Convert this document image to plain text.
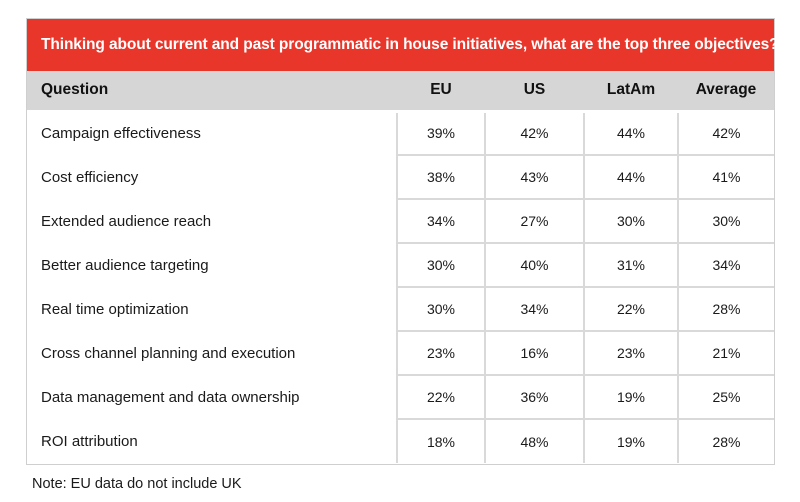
Thinking about current and past programmatic in house initiatives, what are the top three objectives?
Question	EU	US	LatAm	Average
Campaign effectiveness	39%	42%	44%	42%
Cost efficiency	38%	43%	44%	41%
Extended audience reach	34%	27%	30%	30%
Better audience targeting	30%	40%	31%	34%
Real time optimization	30%	34%	22%	28%
Cross channel planning and execution	23%	16%	23%	21%
Data management and data ownership	22%	36%	19%	25%
ROI attribution	18%	48%	19%	28%
Note: EU data do not include UK
